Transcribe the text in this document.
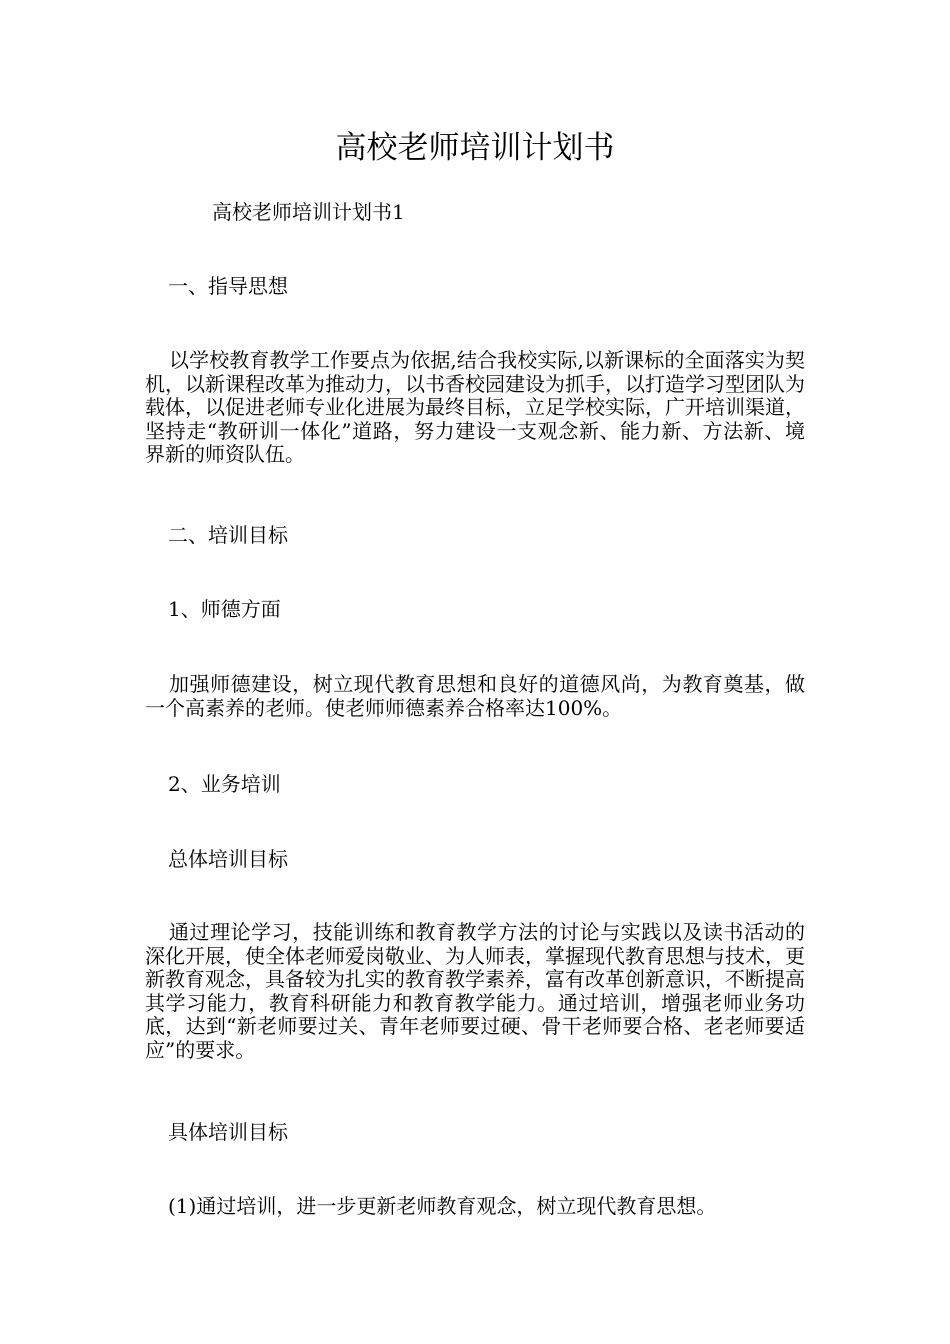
高校老师培训计划书

高校老师培训计划书1

一、指导思想

以学校教育教学工作要点为依据,结合我校实际,以新课标的全面落实为契机，以新课程改革为推动力，以书香校园建设为抓手，以打造学习型团队为载体，以促进老师专业化进展为最终目标，立足学校实际，广开培训渠道，坚持走“教研训一体化”道路，努力建设一支观念新、能力新、方法新、境界新的师资队伍。

二、培训目标

1、师德方面

加强师德建设，树立现代教育思想和良好的道德风尚，为教育奠基，做一个高素养的老师。使老师师德素养合格率达100%。

2、业务培训

总体培训目标

通过理论学习，技能训练和教育教学方法的讨论与实践以及读书活动的深化开展，使全体老师爱岗敬业、为人师表，掌握现代教育思想与技术，更新教育观念，具备较为扎实的教育教学素养，富有改革创新意识，不断提高其学习能力，教育科研能力和教育教学能力。通过培训，增强老师业务功底，达到“新老师要过关、青年老师要过硬、骨干老师要合格、老老师要适应”的要求。

具体培训目标

(1)通过培训，进一步更新老师教育观念，树立现代教育思想。
